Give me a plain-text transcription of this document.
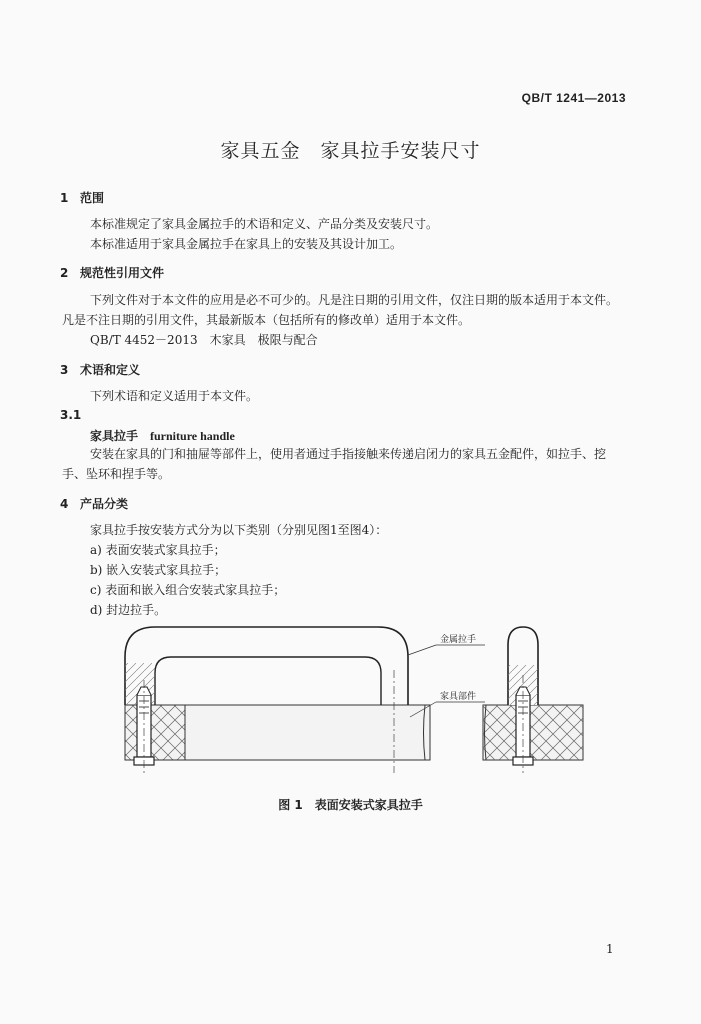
QB/T 1241—2013
家具五金　家具拉手安装尺寸
1 范围
本标准规定了家具金属拉手的术语和定义、产品分类及安装尺寸。
本标准适用于家具金属拉手在家具上的安装及其设计加工。
2 规范性引用文件
下列文件对于本文件的应用是必不可少的。凡是注日期的引用文件，仅注日期的版本适用于本文件。
凡是不注日期的引用文件，其最新版本（包括所有的修改单）适用于本文件。
QB/T 4452－2013　木家具　极限与配合
3 术语和定义
下列术语和定义适用于本文件。
3.1
家具拉手 furniture handle
安装在家具的门和抽屉等部件上，使用者通过手指接触来传递启闭力的家具五金配件，如拉手、挖
手、坠环和捏手等。
4 产品分类
家具拉手按安装方式分为以下类别（分别见图1至图4）：
a) 表面安装式家具拉手；
b) 嵌入安装式家具拉手；
c) 表面和嵌入组合安装式家具拉手；
d) 封边拉手。
金属拉手
家具部件
图 1　表面安装式家具拉手
1
